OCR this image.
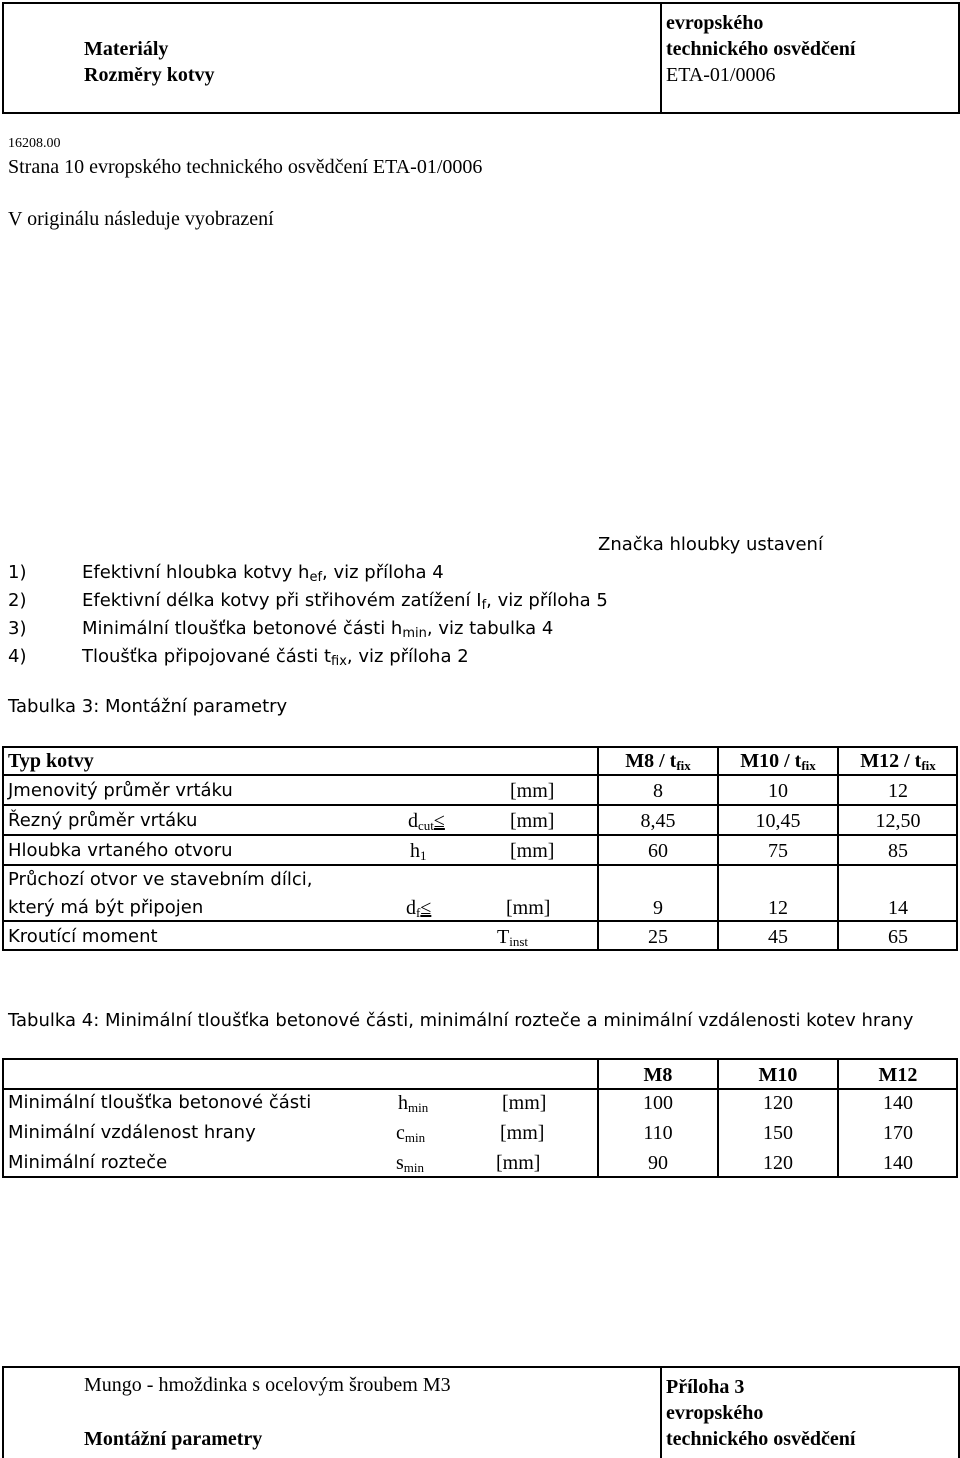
Materiály
Rozměry kotvy
evropského
technického osvědčení
ETA-01/0006
16208.00
Strana 10 evropského technického osvědčení ETA-01/0006
V originálu následuje vyobrazení
Značka hloubky ustavení
1)	Efektivní hloubka kotvy $h_{ef}$, viz příloha 4
2)	Efektivní délka kotvy při střihovém zatížení $I_f$, viz příloha 5
3)	Minimální tloušťka betonové části $h_{min}$, viz tabulka 4
4)	Tloušťka připojované části $t_{fix}$, viz příloha 2
Tabulka 3: Montážní parametry
Typ kotvy	$M8 / t_{fix}$	$M10 / t_{fix}$	$M12 / t_{fix}$
Jmenovitý průměr vrtáku	[mm]	8	10	12
Řezný průměr vrtáku	$d_{cut}\le$	[mm]	8,45	10,45	12,50
Hloubka vrtaného otvoru	$h_1$	[mm]	60	75	85
Průchozí otvor ve stavebním dílci,
který má být připojen	$d_f\le$	[mm]	9	12	14
Kroutící moment	$T_{inst}$	25	45	65
Tabulka 4: Minimální tloušťka betonové části, minimální rozteče a minimální vzdálenosti kotev hrany
M8	M10	M12
Minimální tloušťka betonové části	$h_{min}$	[mm]	100	120	140
Minimální vzdálenost hrany	$c_{min}$	[mm]	110	150	170
Minimální rozteče	$s_{min}$	[mm]	90	120	140
Mungo - hmoždinka s ocelovým šroubem M3
Montážní parametry
Příloha 3
evropského
technického osvědčení
